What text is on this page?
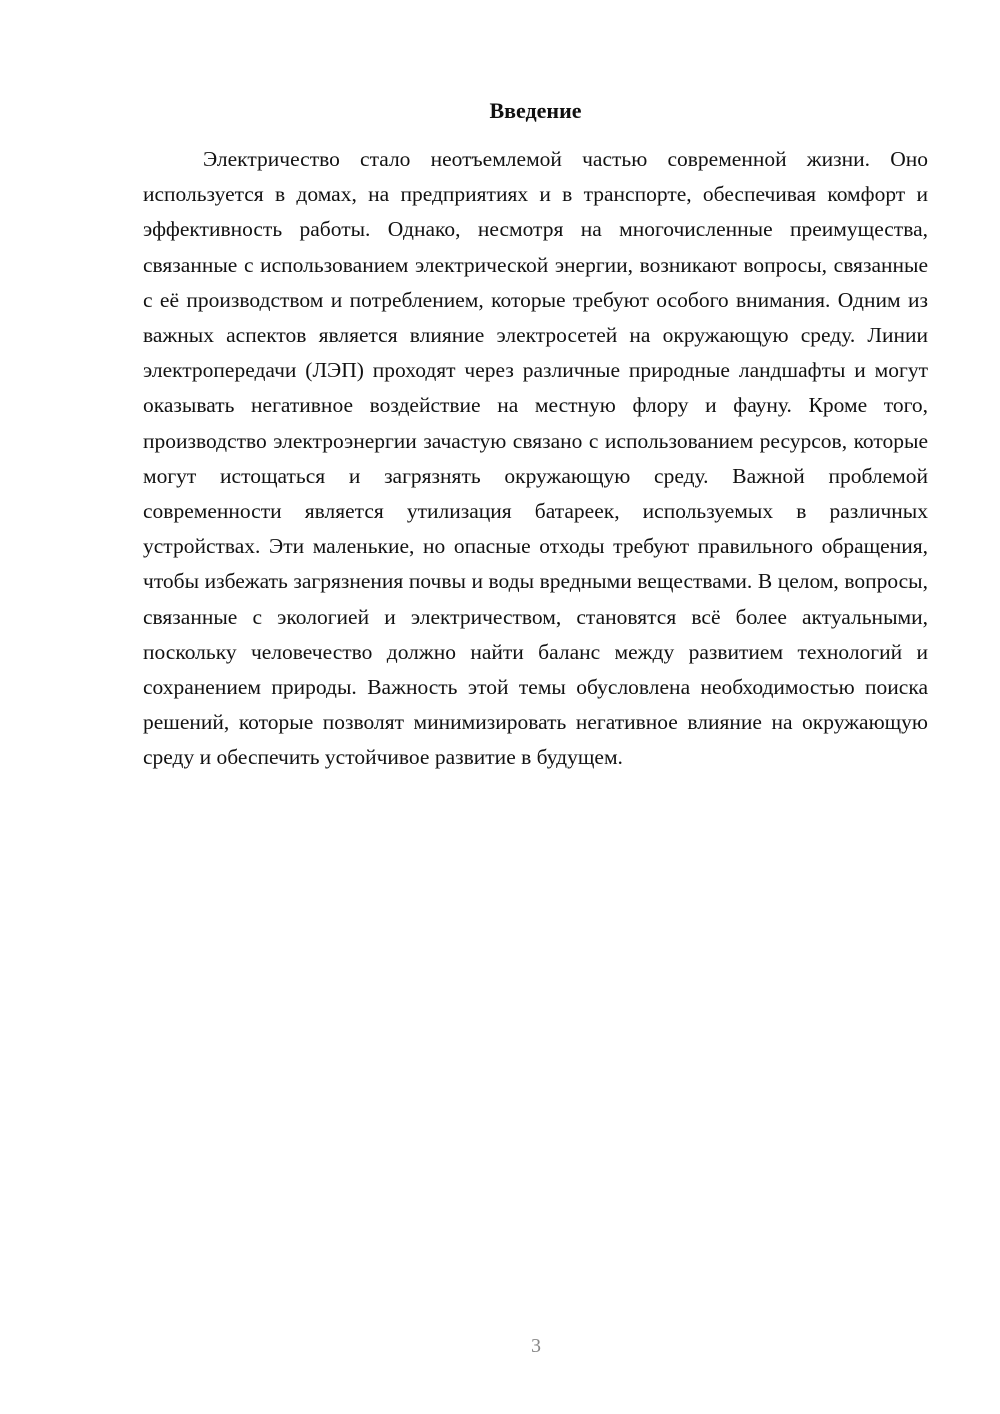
Введение

Электричество стало неотъемлемой частью современной жизни. Оно используется в домах, на предприятиях и в транспорте, обеспечивая комфорт и эффективность работы. Однако, несмотря на многочисленные преимущества, связанные с использованием электрической энергии, возникают вопросы, связанные с её производством и потреблением, которые требуют особого внимания. Одним из важных аспектов является влияние электросетей на окружающую среду. Линии электропередачи (ЛЭП) проходят через различные природные ландшафты и могут оказывать негативное воздействие на местную флору и фауну. Кроме того, производство электроэнергии зачастую связано с использованием ресурсов, которые могут истощаться и загрязнять окружающую среду. Важной проблемой современности является утилизация батареек, используемых в различных устройствах. Эти маленькие, но опасные отходы требуют правильного обращения, чтобы избежать загрязнения почвы и воды вредными веществами. В целом, вопросы, связанные с экологией и электричеством, становятся всё более актуальными, поскольку человечество должно найти баланс между развитием технологий и сохранением природы. Важность этой темы обусловлена необходимостью поиска решений, которые позволят минимизировать негативное влияние на окружающую среду и обеспечить устойчивое развитие в будущем.

3
